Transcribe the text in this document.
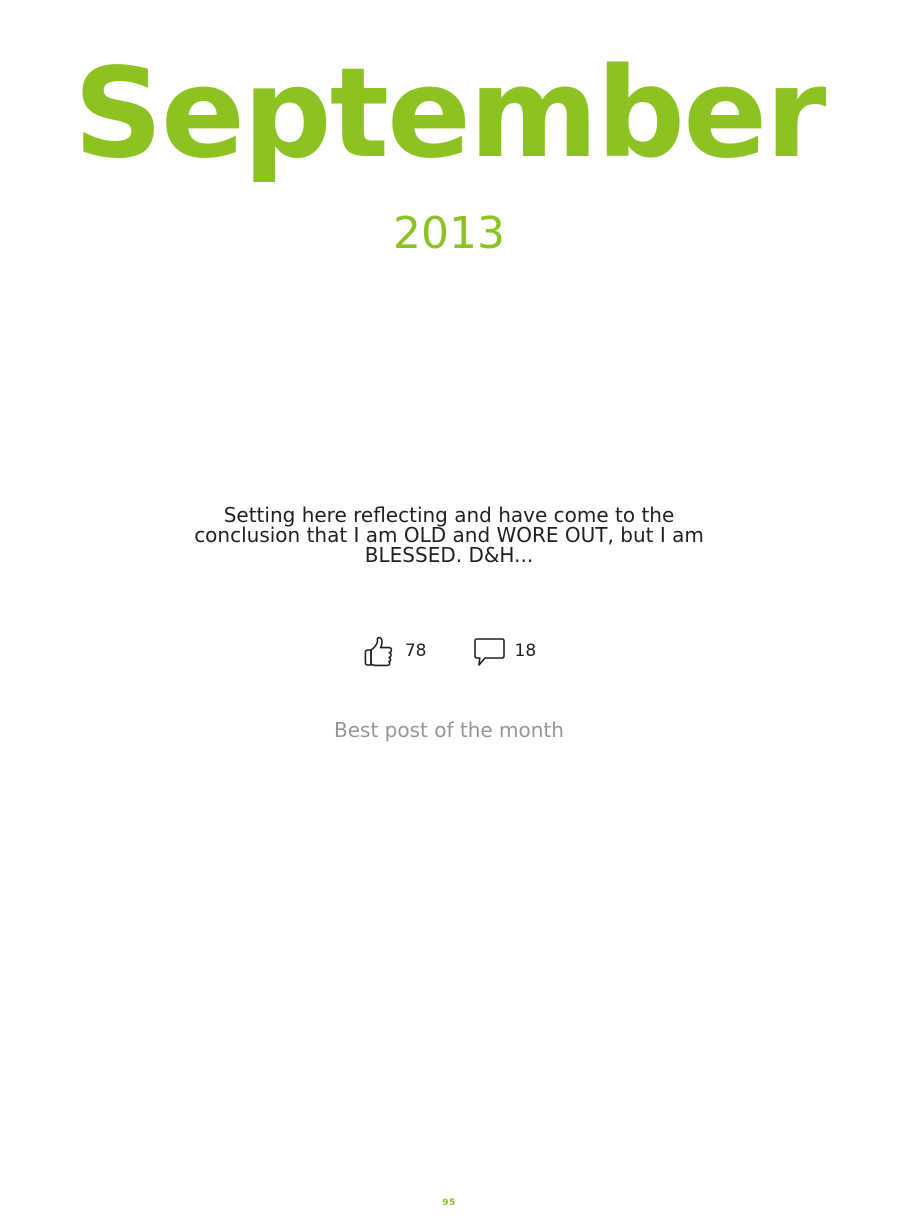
September
2013

Setting here reflecting and have come to the conclusion that I am OLD and WORE OUT, but I am BLESSED. D&H...

78	18
Best post of the month
95
